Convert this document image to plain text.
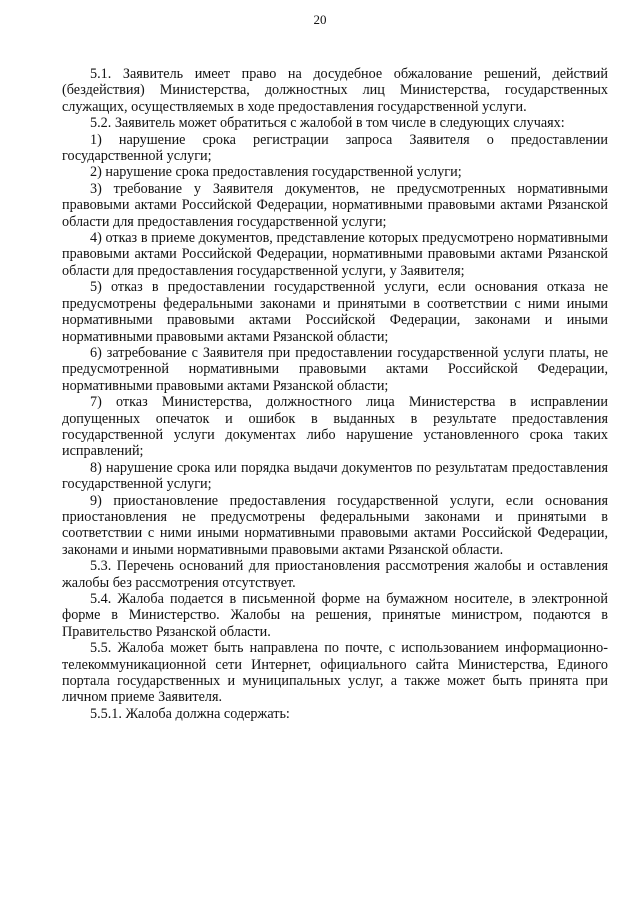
20

5.1. Заявитель имеет право на досудебное обжалование решений, действий (бездействия) Министерства, должностных лиц Министерства, государственных служащих, осуществляемых в ходе предоставления государственной услуги.

5.2. Заявитель может обратиться с жалобой в том числе в следующих случаях:

1) нарушение срока регистрации запроса Заявителя о предоставлении государственной услуги;

2) нарушение срока предоставления государственной услуги;

3) требование у Заявителя документов, не предусмотренных нормативными правовыми актами Российской Федерации, нормативными правовыми актами Рязанской области для предоставления государственной услуги;

4) отказ в приеме документов, представление которых предусмотрено нормативными правовыми актами Российской Федерации, нормативными правовыми актами Рязанской области для предоставления государственной услуги, у Заявителя;

5) отказ в предоставлении государственной услуги, если основания отказа не предусмотрены федеральными законами и принятыми в соответствии с ними иными нормативными правовыми актами Российской Федерации, законами и иными нормативными правовыми актами Рязанской области;

6) затребование с Заявителя при предоставлении государственной услуги платы, не предусмотренной нормативными правовыми актами Российской Федерации, нормативными правовыми актами Рязанской области;

7) отказ Министерства, должностного лица Министерства в исправлении допущенных опечаток и ошибок в выданных в результате предоставления государственной услуги документах либо нарушение установленного срока таких исправлений;

8) нарушение срока или порядка выдачи документов по результатам предоставления государственной услуги;

9) приостановление предоставления государственной услуги, если основания приостановления не предусмотрены федеральными законами и принятыми в соответствии с ними иными нормативными правовыми актами Российской Федерации, законами и иными нормативными правовыми актами Рязанской области.

5.3. Перечень оснований для приостановления рассмотрения жалобы и оставления жалобы без рассмотрения отсутствует.

5.4. Жалоба подается в письменной форме на бумажном носителе, в электронной форме в Министерство. Жалобы на решения, принятые министром, подаются в Правительство Рязанской области.

5.5. Жалоба может быть направлена по почте, с использованием информационно-телекоммуникационной сети Интернет, официального сайта Министерства, Единого портала государственных и муниципальных услуг, а также может быть принята при личном приеме Заявителя.

5.5.1. Жалоба должна содержать:
